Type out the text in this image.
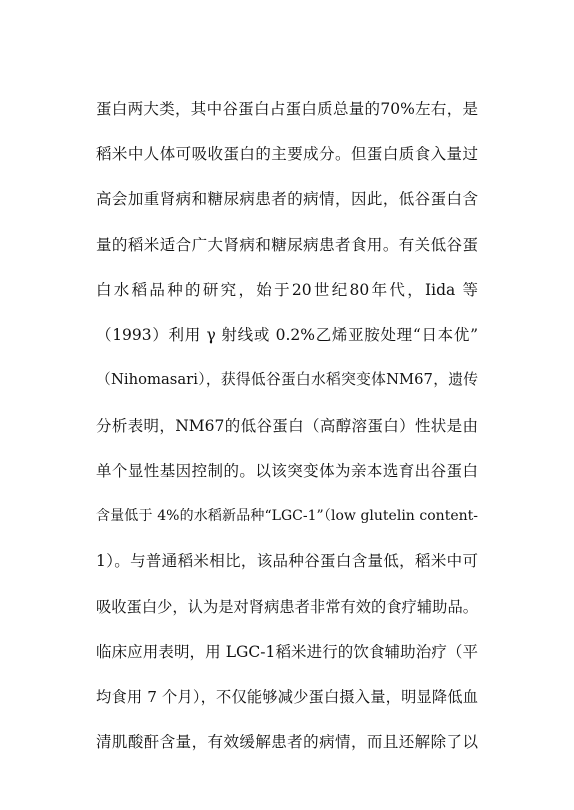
蛋白两大类，其中谷蛋白占蛋白质总量的70%左右，是
稻米中人体可吸收蛋白的主要成分。但蛋白质食入量过
高会加重肾病和糖尿病患者的病情，因此，低谷蛋白含
量的稻米适合广大肾病和糖尿病患者食用。有关低谷蛋
白水稻品种的研究，始于20世纪80年代，Iida 等
（1993）利用 γ 射线或 0.2%乙烯亚胺处理“日本优”
（Nihomasari），获得低谷蛋白水稻突变体NM67，遗传
分析表明，NM67的低谷蛋白（高醇溶蛋白）性状是由
单个显性基因控制的。以该突变体为亲本选育出谷蛋白
含量低于 4%的水稻新品种“LGC-1”（low glutelin content-
1）。与普通稻米相比，该品种谷蛋白含量低，稻米中可
吸收蛋白少，认为是对肾病患者非常有效的食疗辅助品。
临床应用表明，用 LGC-1稻米进行的饮食辅助治疗（平
均食用 7 个月），不仅能够减少蛋白摄入量，明显降低血
清肌酸酐含量，有效缓解患者的病情，而且还解除了以
